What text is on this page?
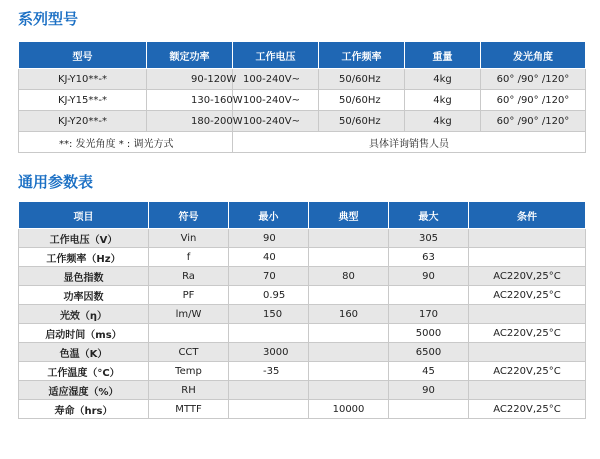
系列型号
型号	额定功率	工作电压	工作频率	重量	发光角度
KJ-Y10**-*	90-120W	100-240V~	50/60Hz	4kg	60° /90° /120°
KJ-Y15**-*	130-160W	100-240V~	50/60Hz	4kg	60° /90° /120°
KJ-Y20**-*	180-200W	100-240V~	50/60Hz	4kg	60° /90° /120°
**: 发光角度 * : 调光方式		具体详询销售人员			
通用参数表
项目	符号	最小	典型	最大	条件
工作电压（V）	Vin	90		305	
工作频率（Hz）	f	40		63	
显色指数	Ra	70	80	90	AC220V,25°C
功率因数	PF	0.95			AC220V,25°C
光效（η）	lm/W	150	160	170	
启动时间（ms）				5000	AC220V,25°C
色温（K）	CCT	3000		6500	
工作温度（°C）	Temp	-35		45	AC220V,25°C
适应湿度（%）	RH			90	
寿命（hrs）	MTTF		10000		AC220V,25°C
